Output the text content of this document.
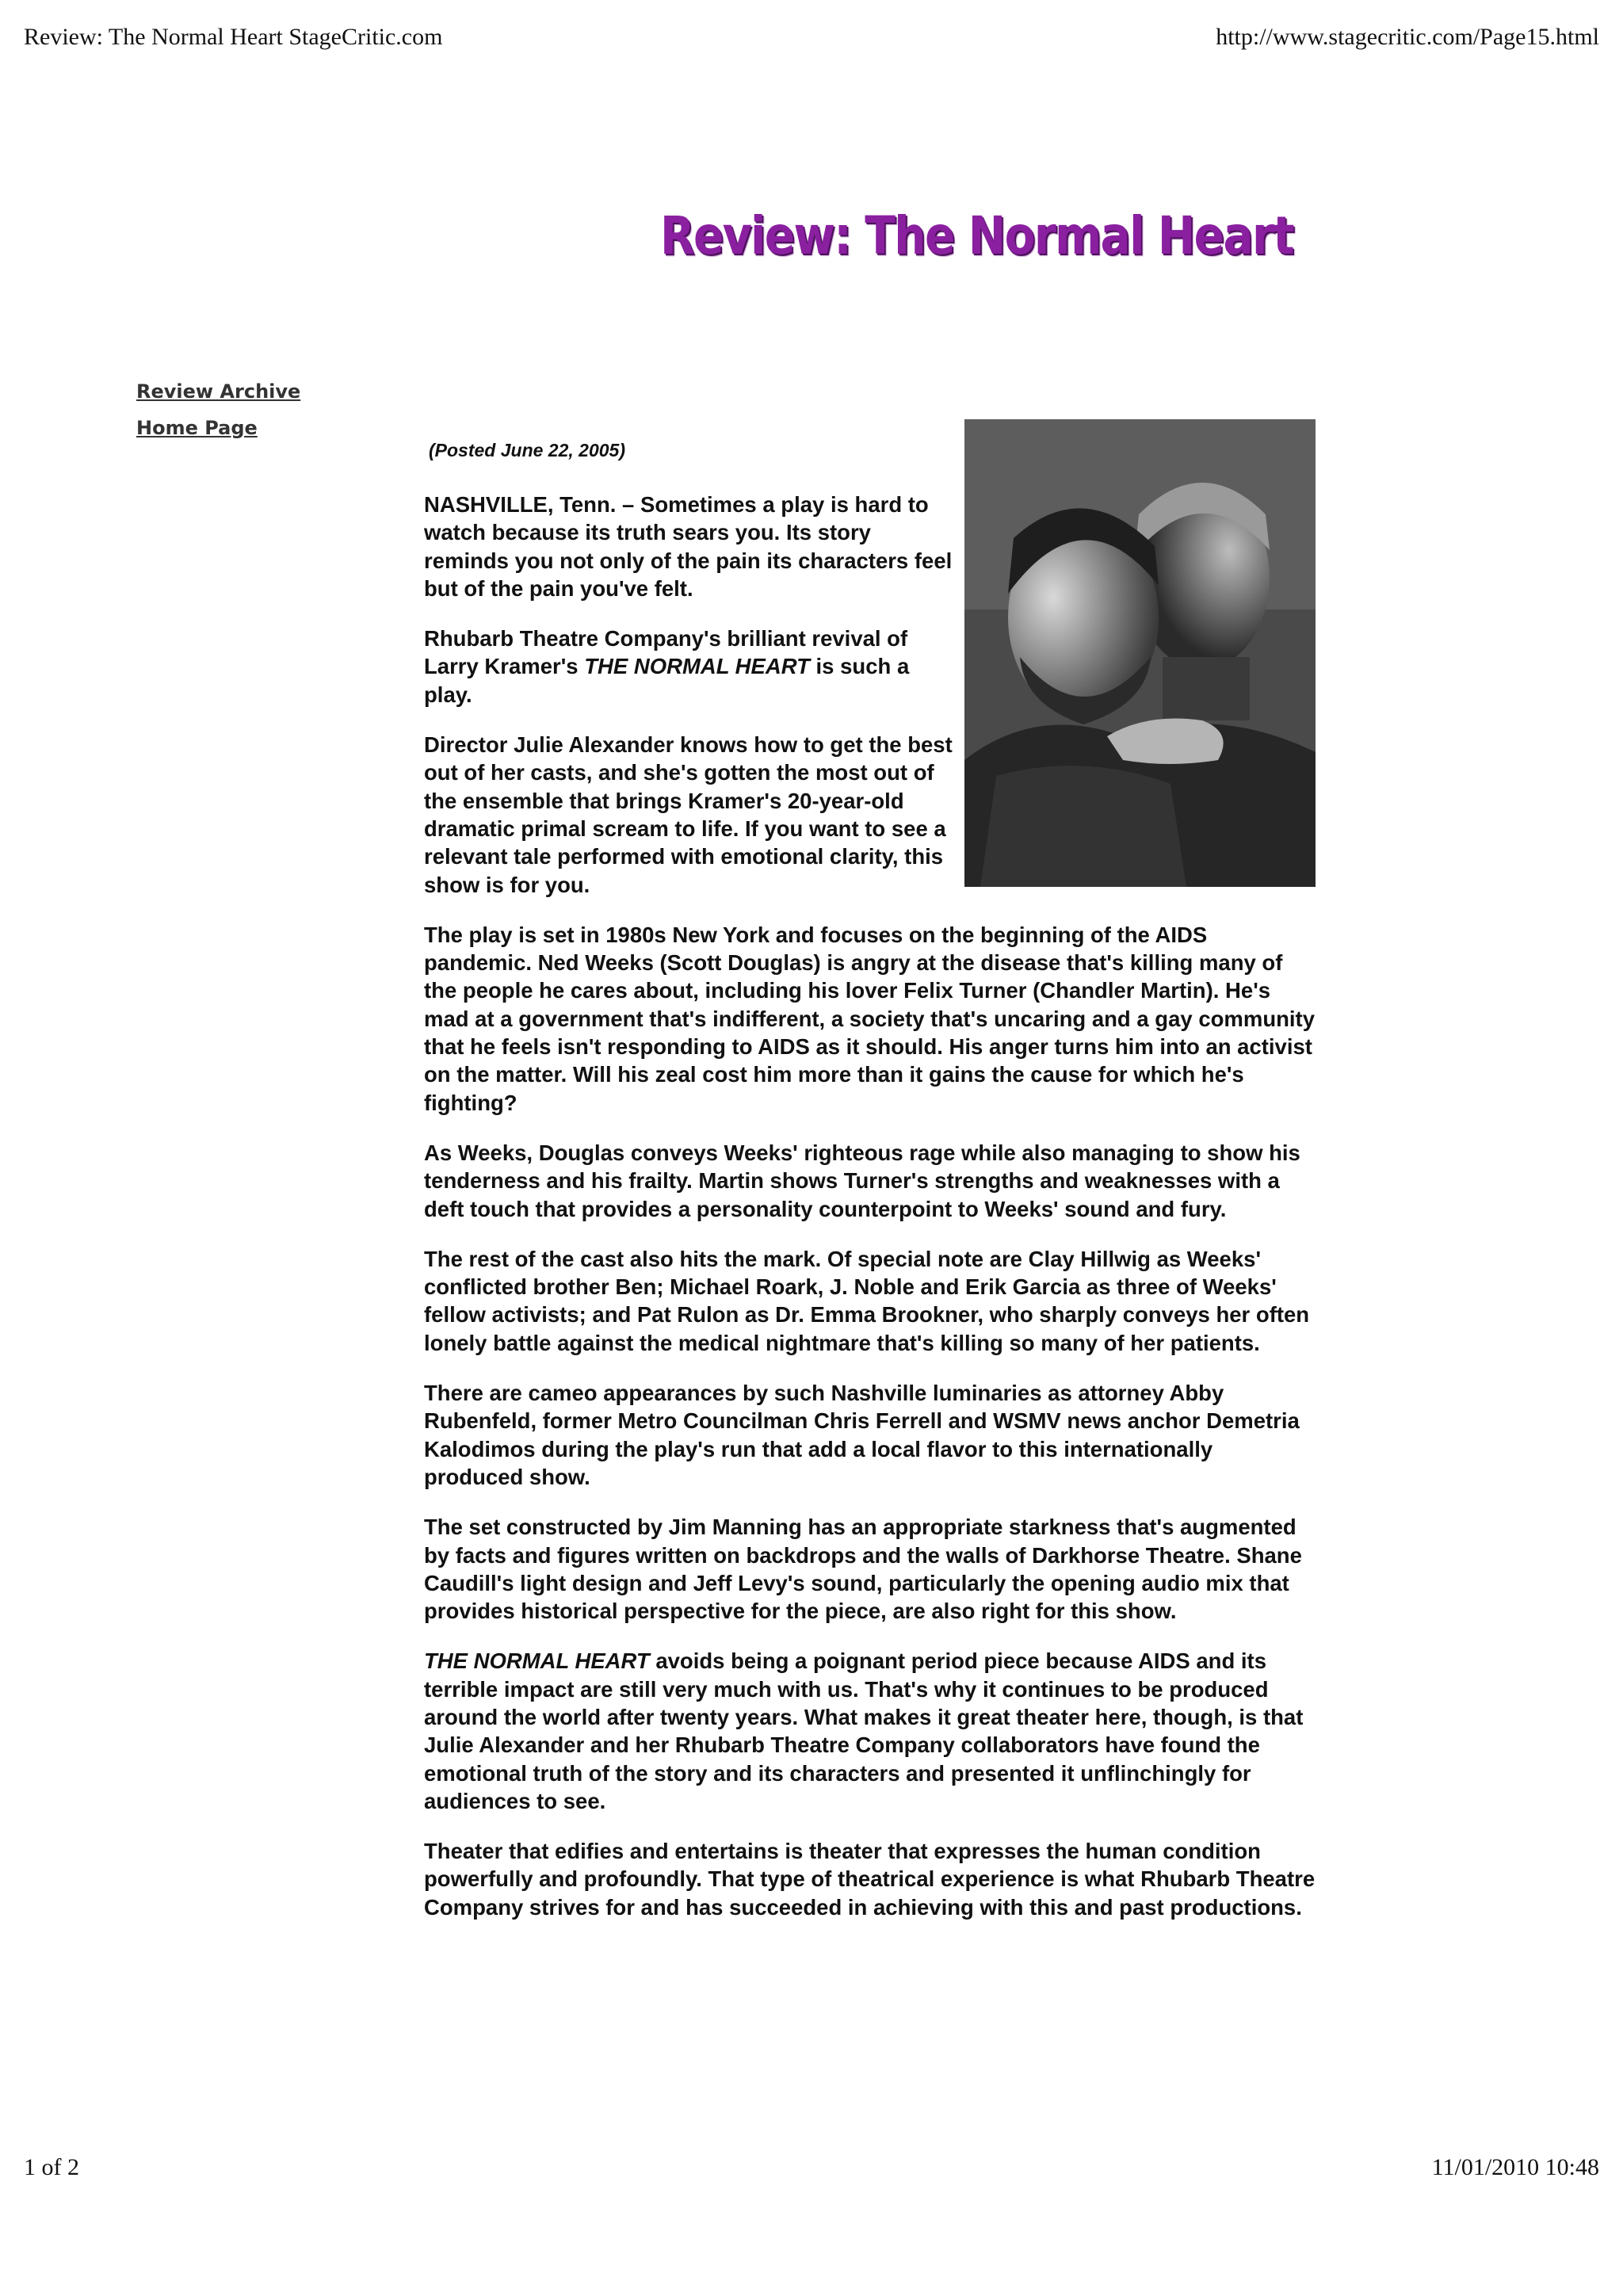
Review: The Normal Heart StageCritic.com	http://www.stagecritic.com/Page15.html
Review: The Normal Heart
Review Archive
Home Page
(Posted June 22, 2005)

NASHVILLE, Tenn. – Sometimes a play is hard to watch because its truth sears you. Its story reminds you not only of the pain its characters feel but of the pain you've felt.

Rhubarb Theatre Company's brilliant revival of Larry Kramer's THE NORMAL HEART is such a play.

Director Julie Alexander knows how to get the best out of her casts, and she's gotten the most out of the ensemble that brings Kramer's 20-year-old dramatic primal scream to life. If you want to see a relevant tale performed with emotional clarity, this show is for you.

The play is set in 1980s New York and focuses on the beginning of the AIDS pandemic. Ned Weeks (Scott Douglas) is angry at the disease that's killing many of the people he cares about, including his lover Felix Turner (Chandler Martin). He's mad at a government that's indifferent, a society that's uncaring and a gay community that he feels isn't responding to AIDS as it should. His anger turns him into an activist on the matter. Will his zeal cost him more than it gains the cause for which he's fighting?

As Weeks, Douglas conveys Weeks' righteous rage while also managing to show his tenderness and his frailty. Martin shows Turner's strengths and weaknesses with a deft touch that provides a personality counterpoint to Weeks' sound and fury.

The rest of the cast also hits the mark. Of special note are Clay Hillwig as Weeks' conflicted brother Ben; Michael Roark, J. Noble and Erik Garcia as three of Weeks' fellow activists; and Pat Rulon as Dr. Emma Brookner, who sharply conveys her often lonely battle against the medical nightmare that's killing so many of her patients.

There are cameo appearances by such Nashville luminaries as attorney Abby Rubenfeld, former Metro Councilman Chris Ferrell and WSMV news anchor Demetria Kalodimos during the play's run that add a local flavor to this internationally produced show.

The set constructed by Jim Manning has an appropriate starkness that's augmented by facts and figures written on backdrops and the walls of Darkhorse Theatre. Shane Caudill's light design and Jeff Levy's sound, particularly the opening audio mix that provides historical perspective for the piece, are also right for this show.

THE NORMAL HEART avoids being a poignant period piece because AIDS and its terrible impact are still very much with us. That's why it continues to be produced around the world after twenty years. What makes it great theater here, though, is that Julie Alexander and her Rhubarb Theatre Company collaborators have found the emotional truth of the story and its characters and presented it unflinchingly for audiences to see.

Theater that edifies and entertains is theater that expresses the human condition powerfully and profoundly. That type of theatrical experience is what Rhubarb Theatre Company strives for and has succeeded in achieving with this and past productions.

1 of 2	11/01/2010 10:48
